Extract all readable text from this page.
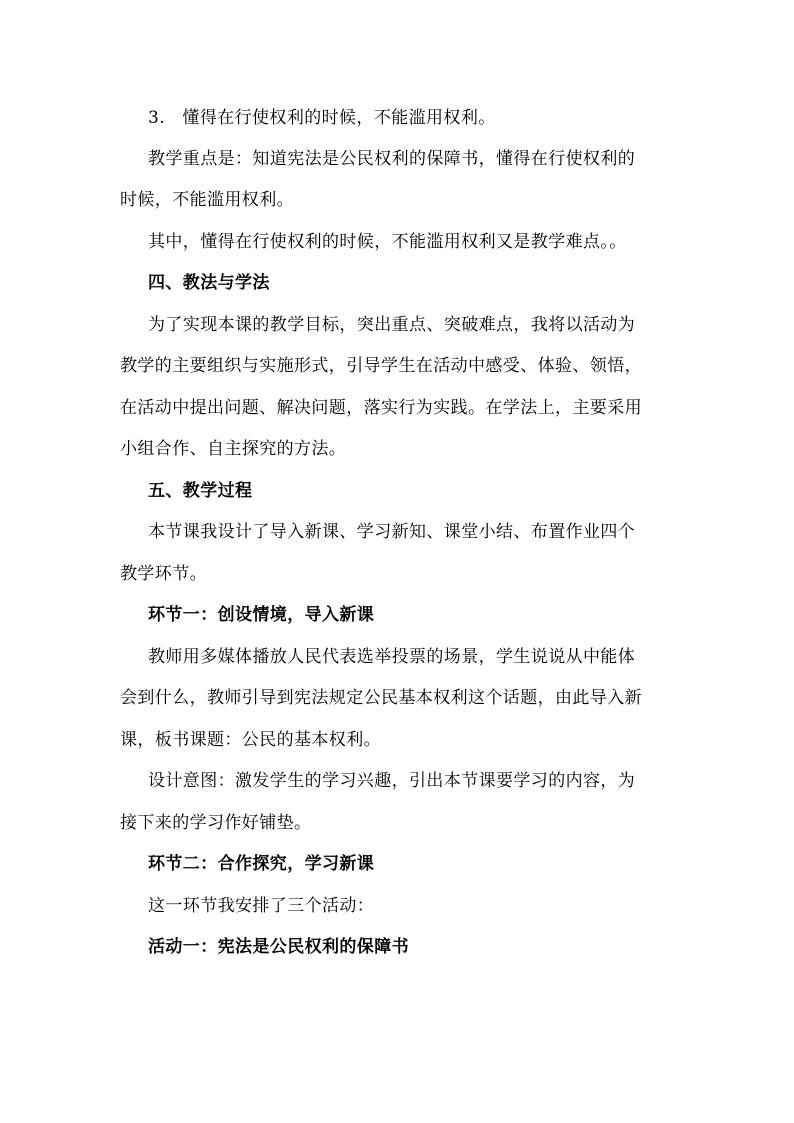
3.　懂得在行使权利的时候，不能滥用权利。
教学重点是：知道宪法是公民权利的保障书，懂得在行使权利的
时候，不能滥用权利。
其中，懂得在行使权利的时候，不能滥用权利又是教学难点。。
四、教法与学法
为了实现本课的教学目标，突出重点、突破难点，我将以活动为
教学的主要组织与实施形式，引导学生在活动中感受、体验、领悟，
在活动中提出问题、解决问题，落实行为实践。在学法上，主要采用
小组合作、自主探究的方法。
五、教学过程
本节课我设计了导入新课、学习新知、课堂小结、布置作业四个
教学环节。
环节一：创设情境，导入新课
教师用多媒体播放人民代表选举投票的场景，学生说说从中能体
会到什么，教师引导到宪法规定公民基本权利这个话题，由此导入新
课，板书课题：公民的基本权利。
设计意图：激发学生的学习兴趣，引出本节课要学习的内容，为
接下来的学习作好铺垫。
环节二：合作探究，学习新课
这一环节我安排了三个活动：
活动一：宪法是公民权利的保障书
